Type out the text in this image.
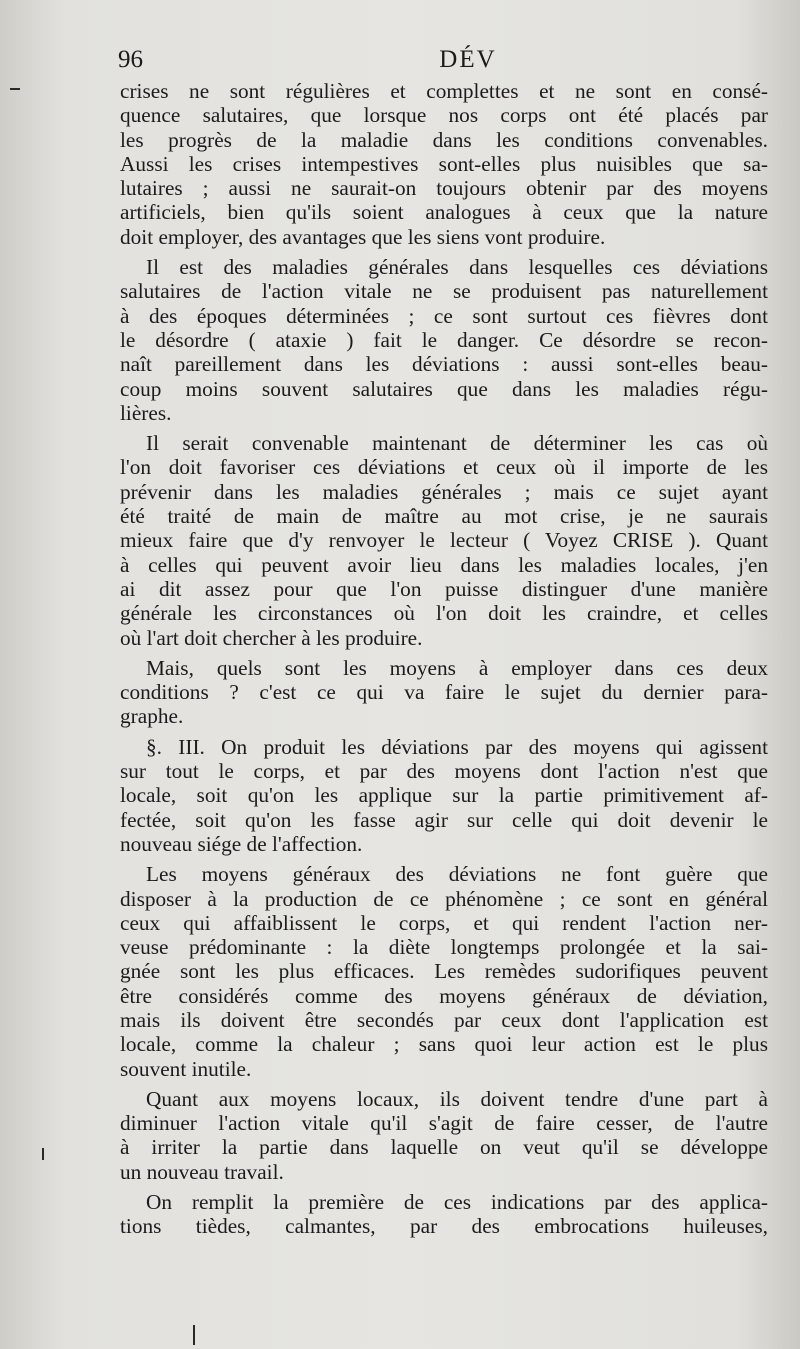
96	DÉV
crises ne sont régulières et complettes et ne sont en consé-
quence salutaires, que lorsque nos corps ont été placés par
les progrès de la maladie dans les conditions convenables.
Aussi les crises intempestives sont-elles plus nuisibles que sa-
lutaires ; aussi ne saurait-on toujours obtenir par des moyens
artificiels, bien qu'ils soient analogues à ceux que la nature
doit employer, des avantages que les siens vont produire.
Il est des maladies générales dans lesquelles ces déviations
salutaires de l'action vitale ne se produisent pas naturellement
à des époques déterminées ; ce sont surtout ces fièvres dont
le désordre ( ataxie ) fait le danger. Ce désordre se recon-
naît pareillement dans les déviations : aussi sont-elles beau-
coup moins souvent salutaires que dans les maladies régu-
lières.
Il serait convenable maintenant de déterminer les cas où
l'on doit favoriser ces déviations et ceux où il importe de les
prévenir dans les maladies générales ; mais ce sujet ayant
été traité de main de maître au mot crise, je ne saurais
mieux faire que d'y renvoyer le lecteur ( Voyez CRISE ). Quant
à celles qui peuvent avoir lieu dans les maladies locales, j'en
ai dit assez pour que l'on puisse distinguer d'une manière
générale les circonstances où l'on doit les craindre, et celles
où l'art doit chercher à les produire.
Mais, quels sont les moyens à employer dans ces deux
conditions ? c'est ce qui va faire le sujet du dernier para-
graphe.
§. III. On produit les déviations par des moyens qui agissent
sur tout le corps, et par des moyens dont l'action n'est que
locale, soit qu'on les applique sur la partie primitivement af-
fectée, soit qu'on les fasse agir sur celle qui doit devenir le
nouveau siége de l'affection.
Les moyens généraux des déviations ne font guère que
disposer à la production de ce phénomène ; ce sont en général
ceux qui affaiblissent le corps, et qui rendent l'action ner-
veuse prédominante : la diète longtemps prolongée et la sai-
gnée sont les plus efficaces. Les remèdes sudorifiques peuvent
être considérés comme des moyens généraux de déviation,
mais ils doivent être secondés par ceux dont l'application est
locale, comme la chaleur ; sans quoi leur action est le plus
souvent inutile.
Quant aux moyens locaux, ils doivent tendre d'une part à
diminuer l'action vitale qu'il s'agit de faire cesser, de l'autre
à irriter la partie dans laquelle on veut qu'il se développe
un nouveau travail.
On remplit la première de ces indications par des applica-
tions tièdes, calmantes, par des embrocations huileuses,
